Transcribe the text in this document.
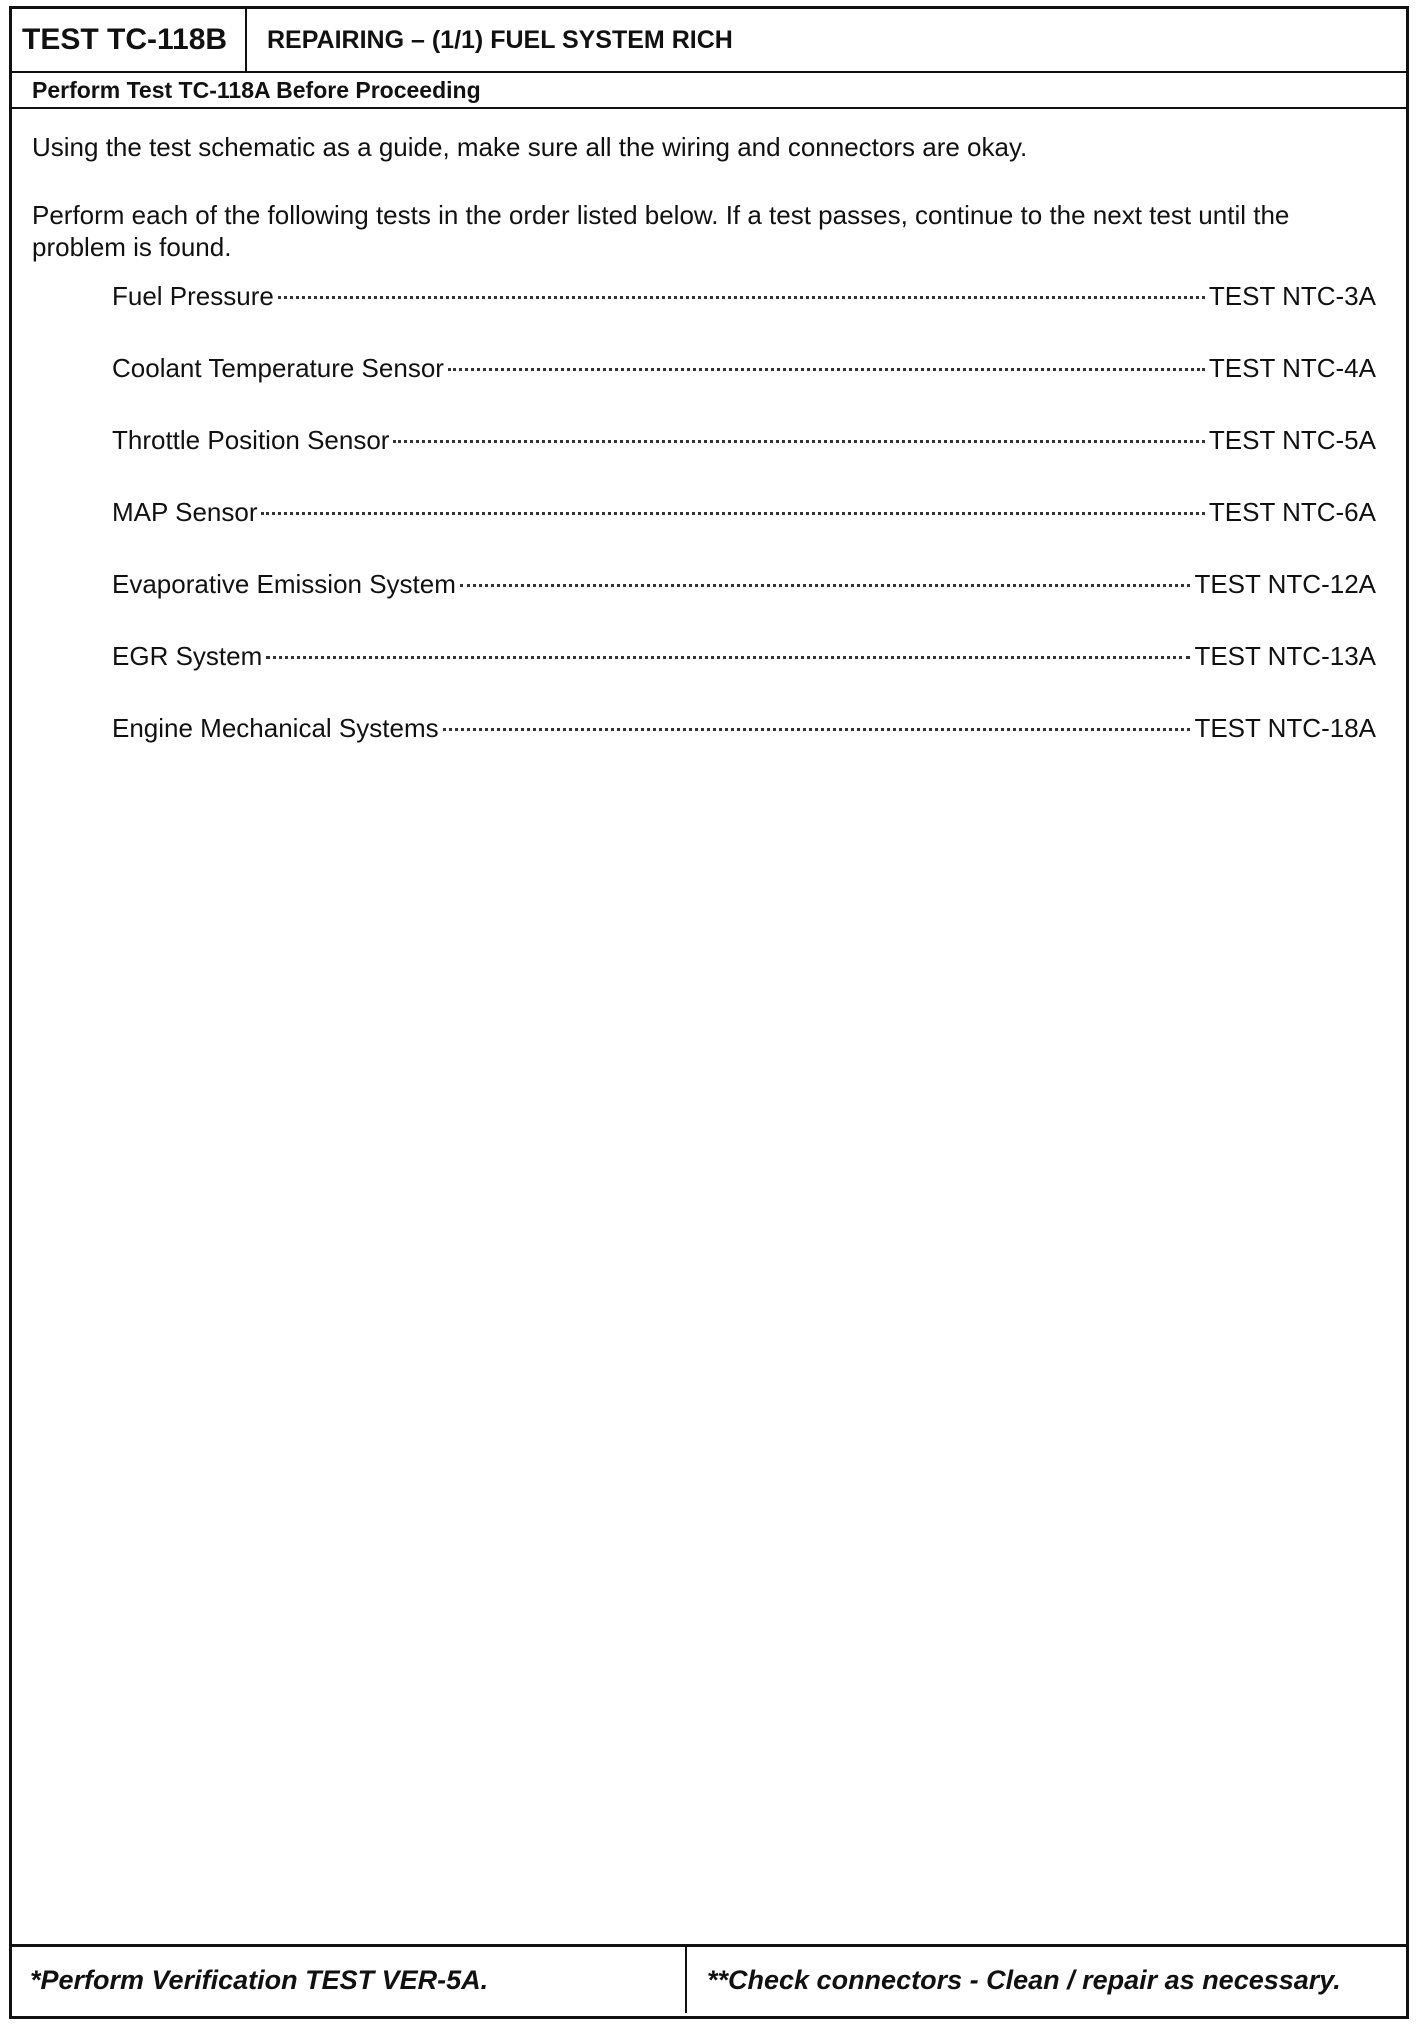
TEST TC-118B	REPAIRING – (1/1) FUEL SYSTEM RICH
Perform Test TC-118A Before Proceeding
Using the test schematic as a guide, make sure all the wiring and connectors are okay.
Perform each of the following tests in the order listed below. If a test passes, continue to the next test until the problem is found.
Fuel Pressure	TEST NTC-3A
Coolant Temperature Sensor	TEST NTC-4A
Throttle Position Sensor	TEST NTC-5A
MAP Sensor	TEST NTC-6A
Evaporative Emission System	TEST NTC-12A
EGR System	TEST NTC-13A
Engine Mechanical Systems	TEST NTC-18A
*Perform Verification TEST VER-5A.	**Check connectors - Clean / repair as necessary.
